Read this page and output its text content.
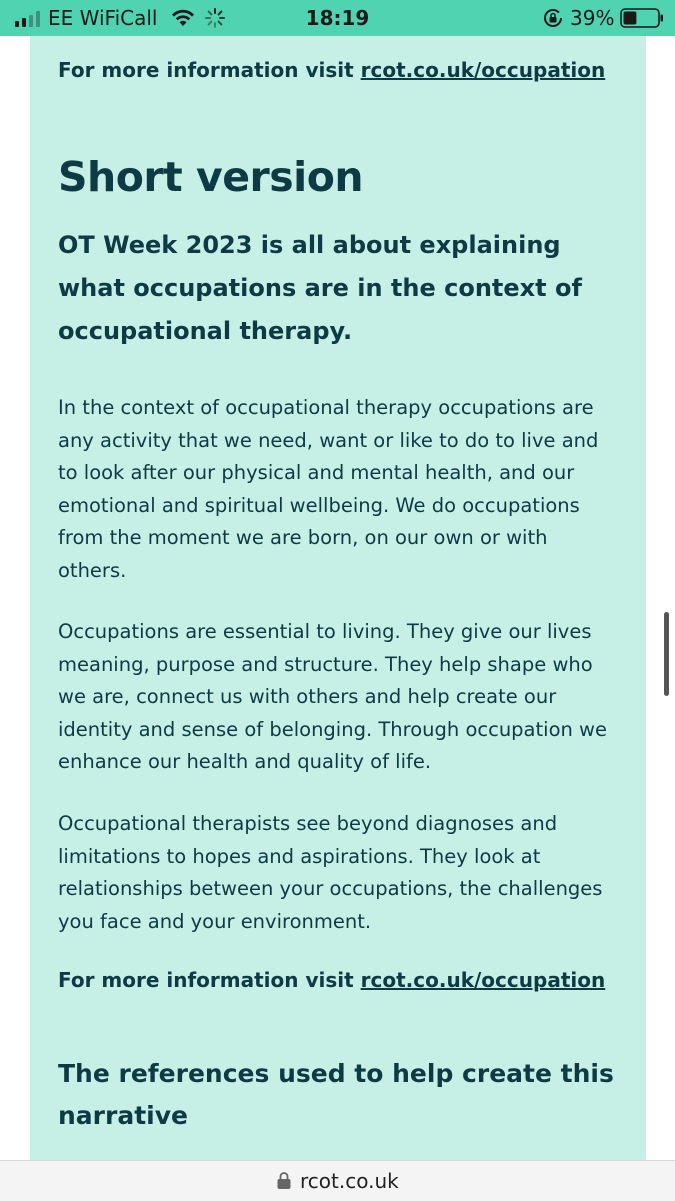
EE WiFiCall	18:19	39%
For more information visit rcot.co.uk/occupation
Short version

OT Week 2023 is all about explaining what occupations are in the context of occupational therapy.

In the context of occupational therapy occupations are any activity that we need, want or like to do to live and to look after our physical and mental health, and our emotional and spiritual wellbeing. We do occupations from the moment we are born, on our own or with others.

Occupations are essential to living. They give our lives meaning, purpose and structure. They help shape who we are, connect us with others and help create our identity and sense of belonging. Through occupation we enhance our health and quality of life.

Occupational therapists see beyond diagnoses and limitations to hopes and aspirations. They look at relationships between your occupations, the challenges you face and your environment.

For more information visit rcot.co.uk/occupation
The references used to help create this narrative
rcot.co.uk
